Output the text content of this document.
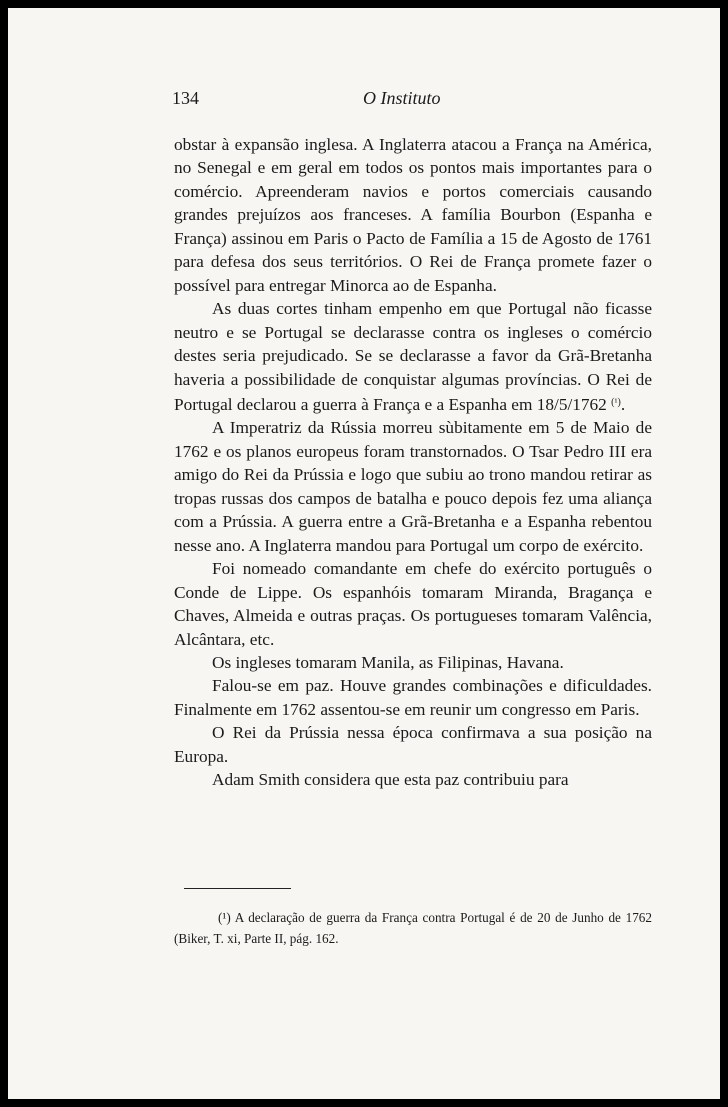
134	O Instituto

obstar à expansão inglesa. A Inglaterra atacou a França na América, no Senegal e em geral em todos os pontos mais importantes para o comércio. Apreenderam navios e portos comerciais causando grandes prejuízos aos franceses. A família Bourbon (Espanha e França) assinou em Paris o Pacto de Família a 15 de Agosto de 1761 para defesa dos seus territórios. O Rei de França promete fazer o possível para entregar Minorca ao de Espanha.

As duas cortes tinham empenho em que Portugal não ficasse neutro e se Portugal se declarasse contra os ingleses o comércio destes seria prejudicado. Se se declarasse a favor da Grã-Bretanha haveria a possibilidade de conquistar algumas províncias. O Rei de Portugal declarou a guerra à França e a Espanha em 18/5/1762 $^{(^1)}$.

A Imperatriz da Rússia morreu sùbitamente em 5 de Maio de 1762 e os planos europeus foram transtornados. O Tsar Pedro III era amigo do Rei da Prússia e logo que subiu ao trono mandou retirar as tropas russas dos campos de batalha e pouco depois fez uma aliança com a Prússia. A guerra entre a Grã-Bretanha e a Espanha rebentou nesse ano. A Inglaterra mandou para Portugal um corpo de exército.

Foi nomeado comandante em chefe do exército português o Conde de Lippe. Os espanhóis tomaram Miranda, Bragança e Chaves, Almeida e outras praças. Os portugueses tomaram Valência, Alcântara, etc.

Os ingleses tomaram Manila, as Filipinas, Havana.

Falou-se em paz. Houve grandes combinações e dificuldades. Finalmente em 1762 assentou-se em reunir um congresso em Paris.

O Rei da Prússia nessa época confirmava a sua posição na Europa.

Adam Smith considera que esta paz contribuiu para

(¹) A declaração de guerra da França contra Portugal é de 20 de Junho de 1762 (Biker, T. xi, Parte II, pág. 162.
